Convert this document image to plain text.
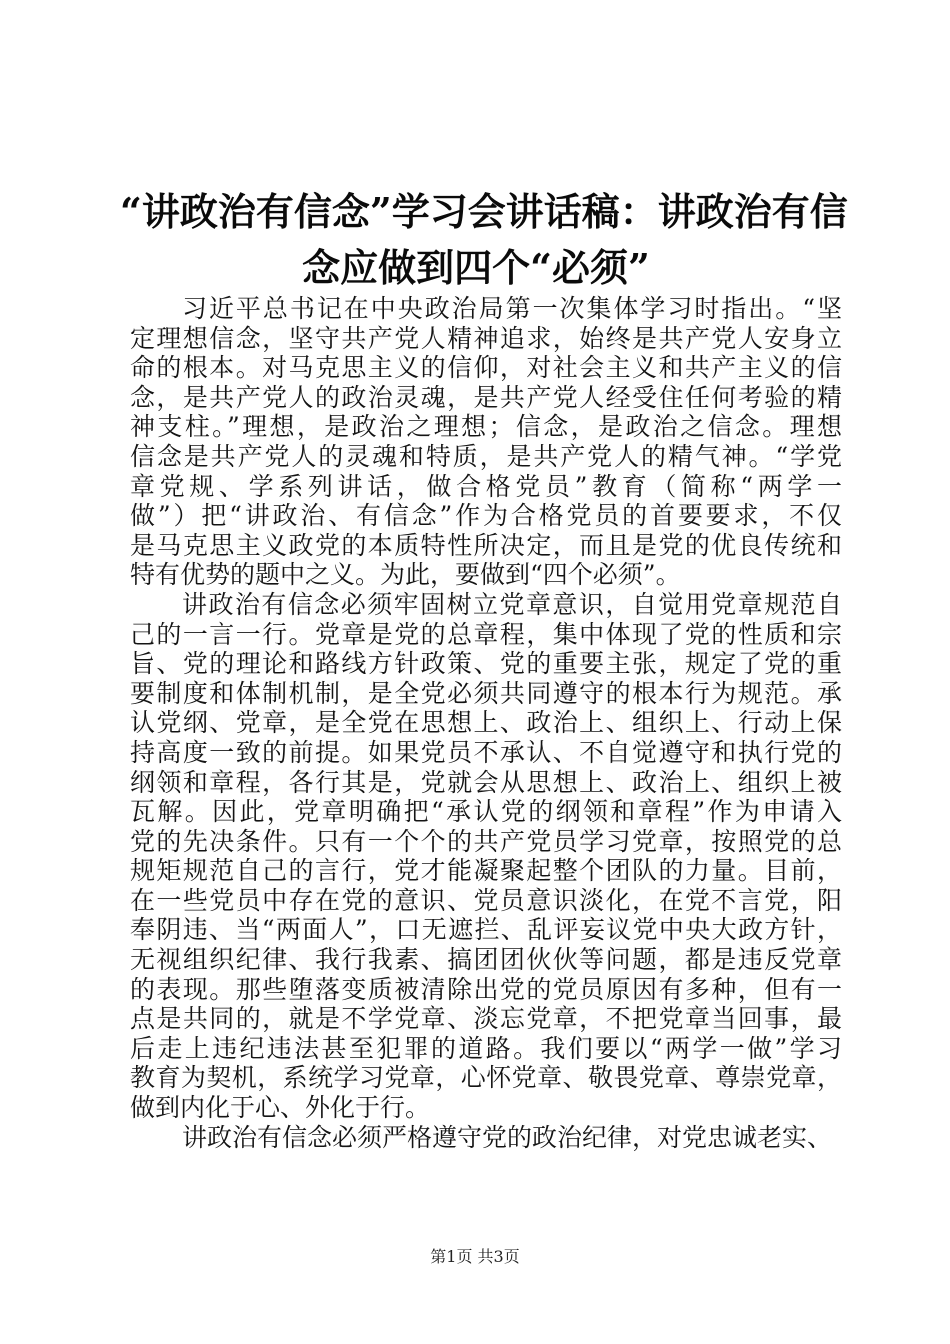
“讲政治有信念”学习会讲话稿：讲政治有信
念应做到四个“必须”

习近平总书记在中央政治局第一次集体学习时指出。“坚
定理想信念，坚守共产党人精神追求，始终是共产党人安身立
命的根本。对马克思主义的信仰，对社会主义和共产主义的信
念，是共产党人的政治灵魂，是共产党人经受住任何考验的精
神支柱。”理想，是政治之理想；信念，是政治之信念。理想
信念是共产党人的灵魂和特质，是共产党人的精气神。“学党
章党规、学系列讲话，做合格党员”教育（简称“两学一
做”）把“讲政治、有信念”作为合格党员的首要要求，不仅
是马克思主义政党的本质特性所决定，而且是党的优良传统和
特有优势的题中之义。为此，要做到“四个必须”。

讲政治有信念必须牢固树立党章意识，自觉用党章规范自
己的一言一行。党章是党的总章程，集中体现了党的性质和宗
旨、党的理论和路线方针政策、党的重要主张，规定了党的重
要制度和体制机制，是全党必须共同遵守的根本行为规范。承
认党纲、党章，是全党在思想上、政治上、组织上、行动上保
持高度一致的前提。如果党员不承认、不自觉遵守和执行党的
纲领和章程，各行其是，党就会从思想上、政治上、组织上被
瓦解。因此，党章明确把“承认党的纲领和章程”作为申请入
党的先决条件。只有一个个的共产党员学习党章，按照党的总
规矩规范自己的言行，党才能凝聚起整个团队的力量。目前，
在一些党员中存在党的意识、党员意识淡化，在党不言党，阳
奉阴违、当“两面人”，口无遮拦、乱评妄议党中央大政方针，
无视组织纪律、我行我素、搞团团伙伙等问题，都是违反党章
的表现。那些堕落变质被清除出党的党员原因有多种，但有一
点是共同的，就是不学党章、淡忘党章，不把党章当回事，最
后走上违纪违法甚至犯罪的道路。我们要以“两学一做”学习
教育为契机，系统学习党章，心怀党章、敬畏党章、尊崇党章，
做到内化于心、外化于行。

讲政治有信念必须严格遵守党的政治纪律，对党忠诚老实、

第1页 共3页
